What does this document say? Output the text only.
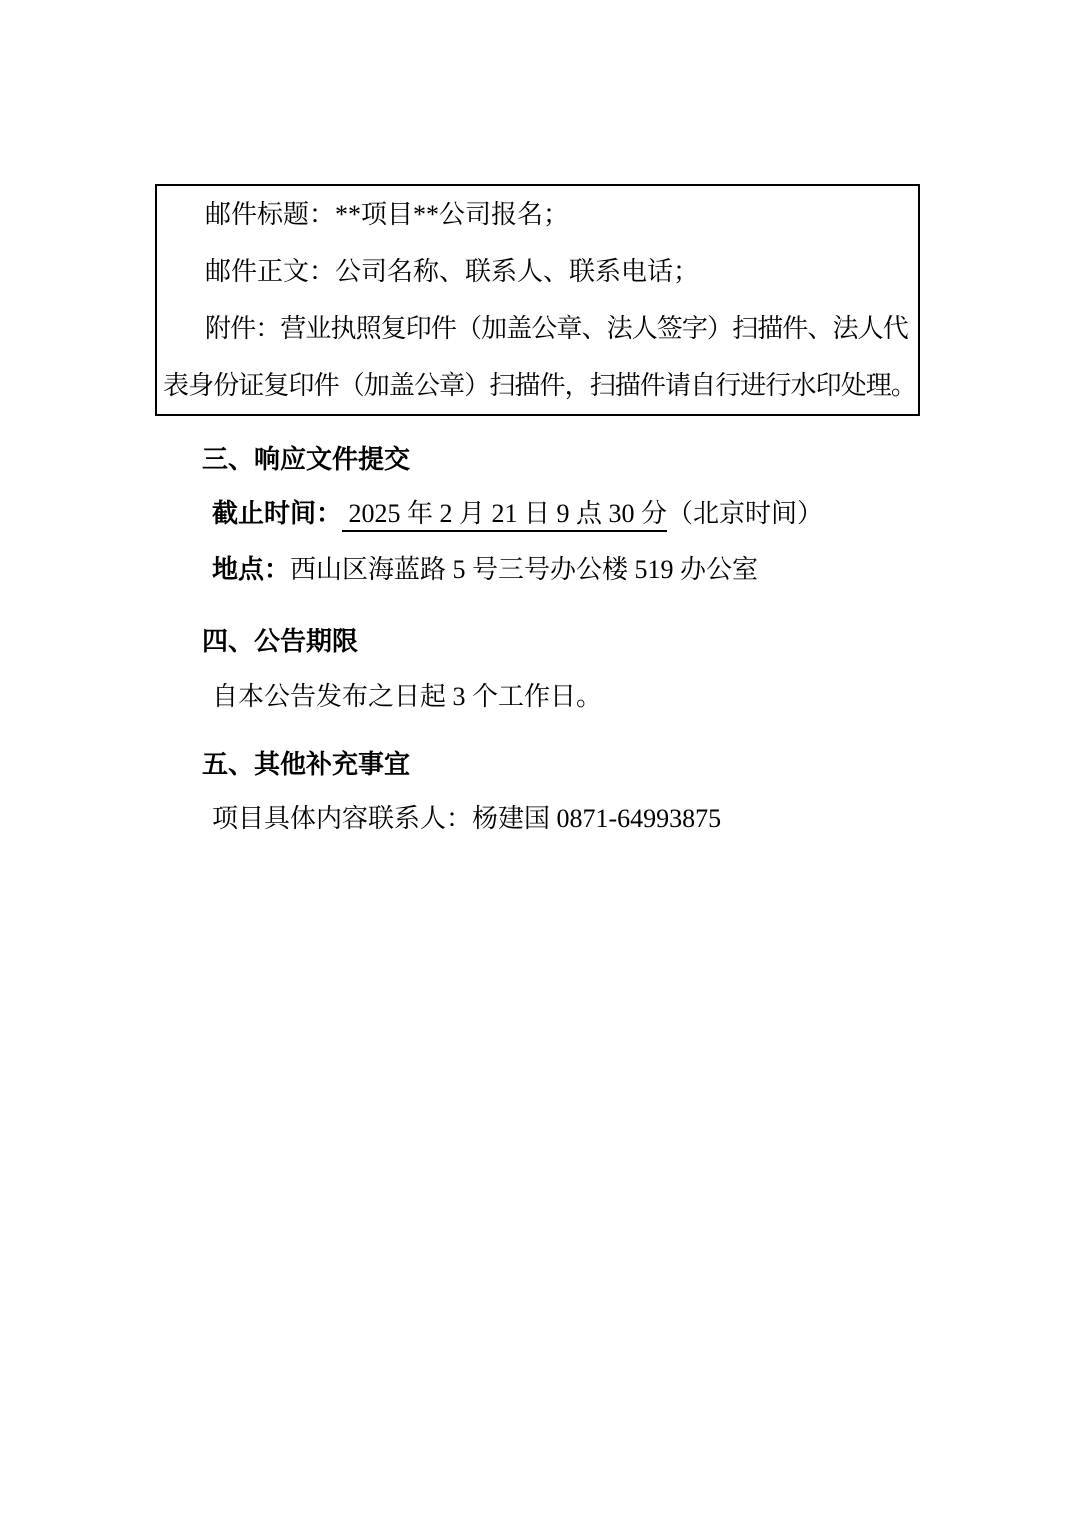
邮件标题：**项目**公司报名；
邮件正文：公司名称、联系人、联系电话；
附件：营业执照复印件（加盖公章、法人签字）扫描件、法人代
表身份证复印件（加盖公章）扫描件，扫描件请自行进行水印处理。
三、响应文件提交
截止时间： 2025 年 2 月 21 日 9 点 30 分（北京时间）
地点：西山区海蓝路 5 号三号办公楼 519 办公室
四、公告期限
自本公告发布之日起 3 个工作日。
五、其他补充事宜
项目具体内容联系人：杨建国 0871-64993875
